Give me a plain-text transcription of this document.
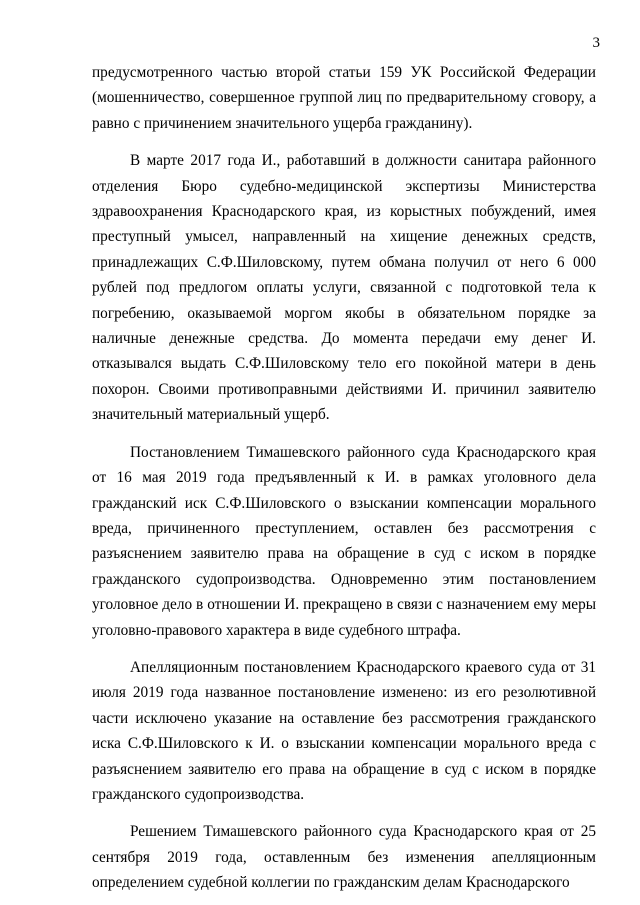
3

предусмотренного частью второй статьи 159 УК Российской Федерации (мошенничество, совершенное группой лиц по предварительному сговору, а равно с причинением значительного ущерба гражданину).

В марте 2017 года И., работавший в должности санитара районного отделения Бюро судебно-медицинской экспертизы Министерства здравоохранения Краснодарского края, из корыстных побуждений, имея преступный умысел, направленный на хищение денежных средств, принадлежащих С.Ф.Шиловскому, путем обмана получил от него 6 000 рублей под предлогом оплаты услуги, связанной с подготовкой тела к погребению, оказываемой моргом якобы в обязательном порядке за наличные денежные средства. До момента передачи ему денег И. отказывался выдать С.Ф.Шиловскому тело его покойной матери в день похорон. Своими противоправными действиями И. причинил заявителю значительный материальный ущерб.

Постановлением Тимашевского районного суда Краснодарского края от 16 мая 2019 года предъявленный к И. в рамках уголовного дела гражданский иск С.Ф.Шиловского о взыскании компенсации морального вреда, причиненного преступлением, оставлен без рассмотрения с разъяснением заявителю права на обращение в суд с иском в порядке гражданского судопроизводства. Одновременно этим постановлением уголовное дело в отношении И. прекращено в связи с назначением ему меры уголовно-правового характера в виде судебного штрафа.

Апелляционным постановлением Краснодарского краевого суда от 31 июля 2019 года названное постановление изменено: из его резолютивной части исключено указание на оставление без рассмотрения гражданского иска С.Ф.Шиловского к И. о взыскании компенсации морального вреда с разъяснением заявителю его права на обращение в суд с иском в порядке гражданского судопроизводства.

Решением Тимашевского районного суда Краснодарского края от 25 сентября 2019 года, оставленным без изменения апелляционным определением судебной коллегии по гражданским делам Краснодарского
